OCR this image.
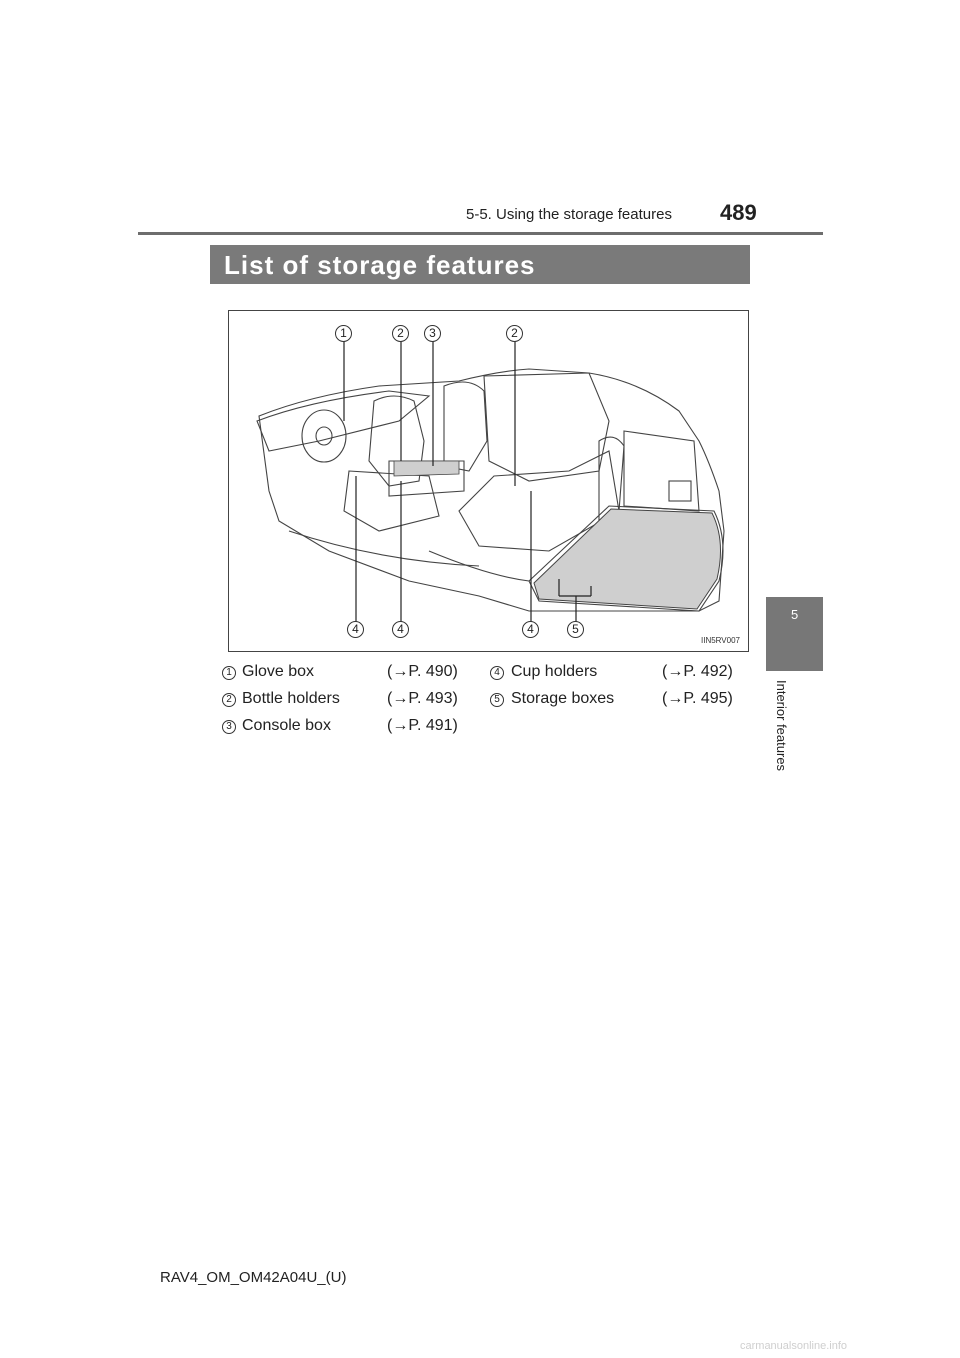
5-5. Using the storage features 489
List of storage features
5
Interior features
1	2	3	2
4	4	4	5
IIN5RV007
1 Glove box	(→P. 490)
2 Bottle holders	(→P. 493)
3 Console box	(→P. 491)
4 Cup holders	(→P. 492)
5 Storage boxes	(→P. 495)
RAV4_OM_OM42A04U_(U)
carmanualsonline.info
